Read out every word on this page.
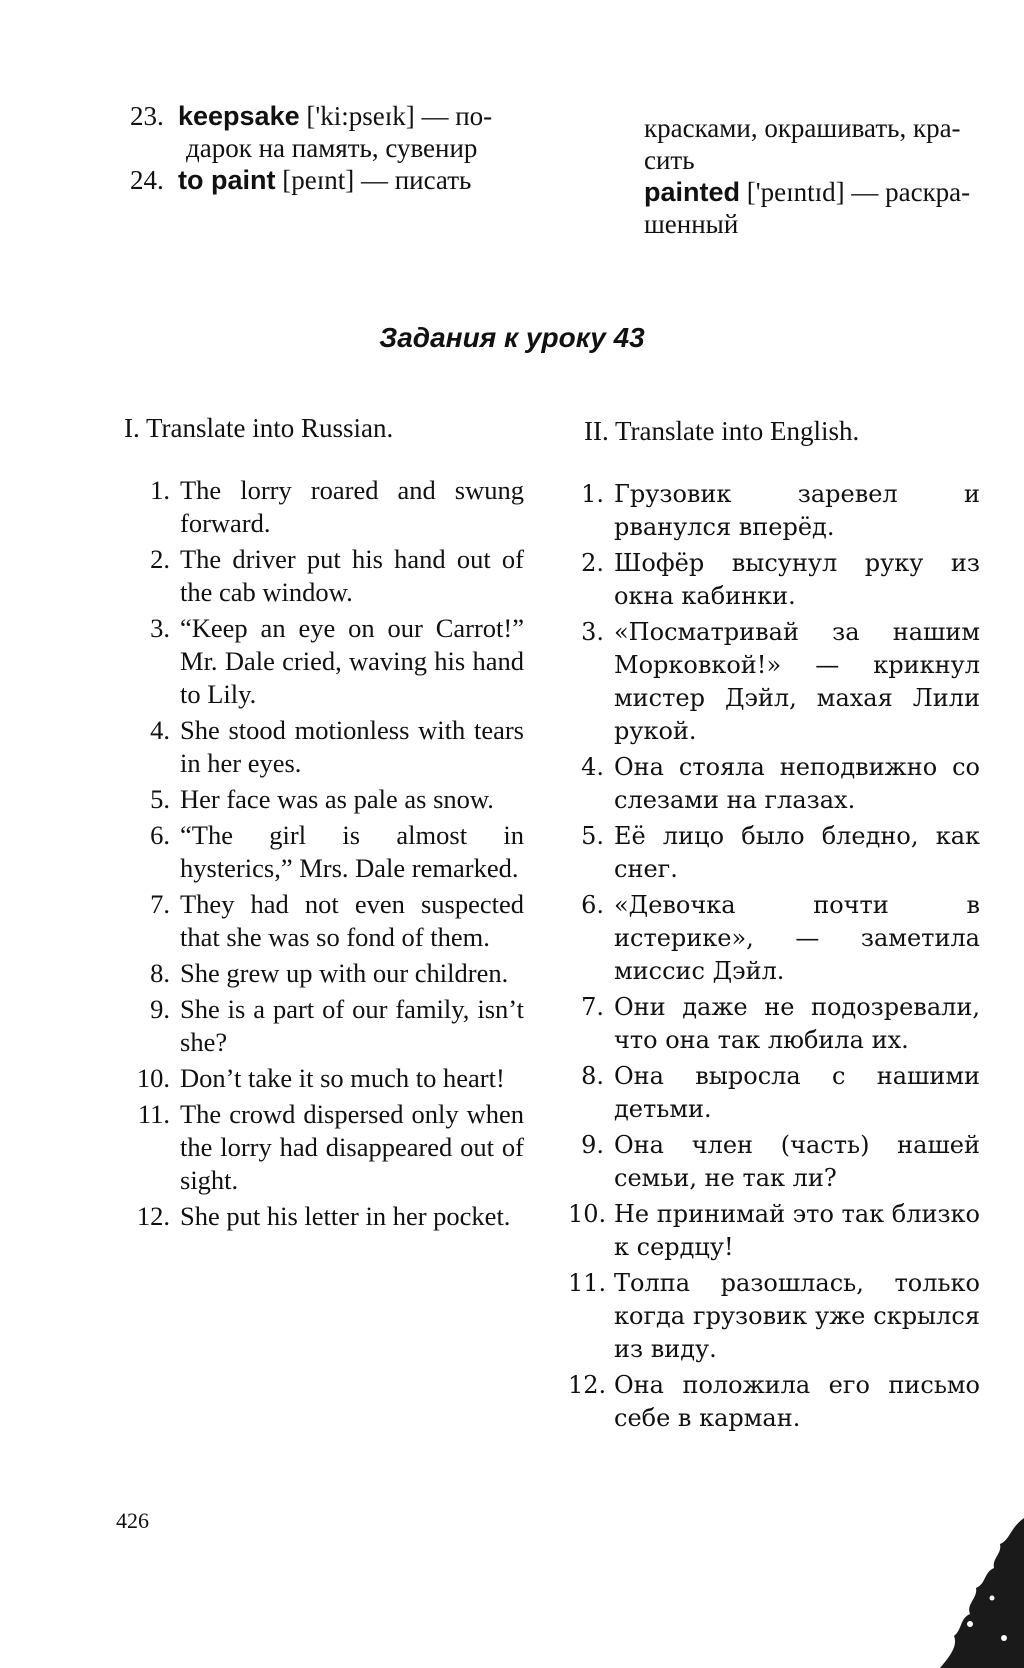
23. keepsake ['ki:pseɪk] — по-
дарок на память, сувенир
24. to paint [peɪnt] — писать
красками, окрашивать, кра-
сить
painted ['peɪntɪd] — раскра-
шенный
Задания к уроку 43
I. Translate into Russian.	II. Translate into English.
1. The lorry roared and swung forward.
2. The driver put his hand out of the cab window.
3. “Keep an eye on our Carrot!” Mr. Dale cried, waving his hand to Lily.
4. She stood motionless with tears in her eyes.
5. Her face was as pale as snow.
6. “The girl is almost in hysterics,” Mrs. Dale remarked.
7. They had not even suspected that she was so fond of them.
8. She grew up with our children.
9. She is a part of our family, isn’t she?
10. Don’t take it so much to heart!
11. The crowd dispersed only when the lorry had disappeared out of sight.
12. She put his letter in her pocket.
1. Грузовик заревел и рванулся вперёд.
2. Шофёр высунул руку из окна кабинки.
3. «Посматривай за нашим Морковкой!» — крикнул мистер Дэйл, махая Лили рукой.
4. Она стояла неподвижно со слезами на глазах.
5. Её лицо было бледно, как снег.
6. «Девочка почти в истерике», — заметила миссис Дэйл.
7. Они даже не подозревали, что она так любила их.
8. Она выросла с нашими детьми.
9. Она член (часть) нашей семьи, не так ли?
10. Не принимай это так близко к сердцу!
11. Толпа разошлась, только когда грузовик уже скрылся из виду.
12. Она положила его письмо себе в карман.
426
